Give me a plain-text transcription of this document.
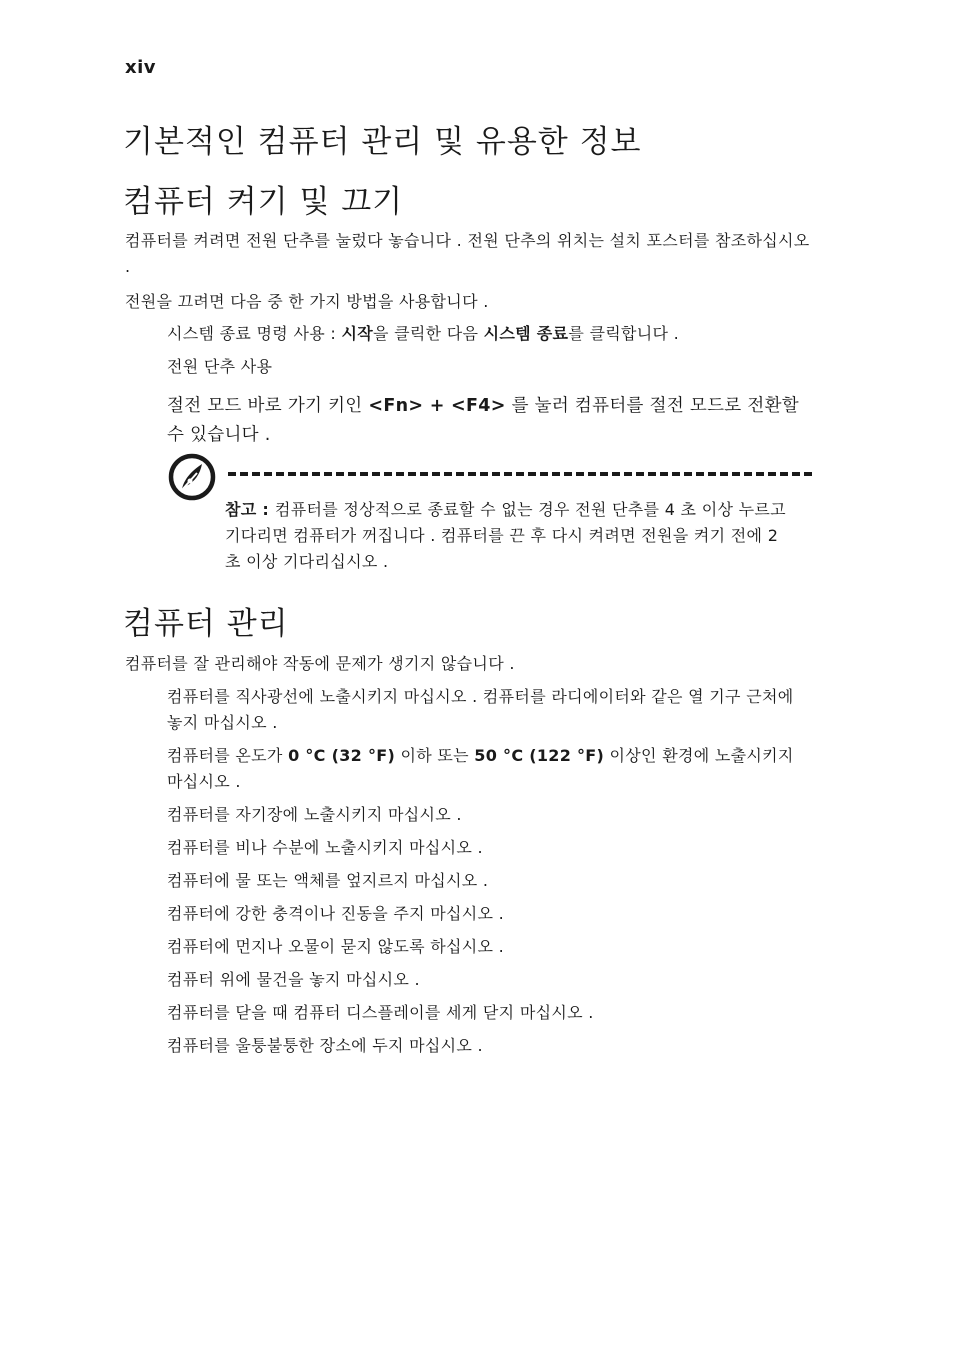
xiv
기본적인 컴퓨터 관리 및 유용한 정보
컴퓨터 켜기 및 끄기

컴퓨터를 켜려면 전원 단추를 눌렀다 놓습니다 . 전원 단추의 위치는 설치 포스터를 참조하십시오 .

전원을 끄려면 다음 중 한 가지 방법을 사용합니다 .

시스템 종료 명령 사용 : 시작을 클릭한 다음 시스템 종료를 클릭합니다 .
전원 단추 사용
절전 모드 바로 가기 키인 <Fn> + <F4> 를 눌러 컴퓨터를 절전 모드로 전환할 수 있습니다 .
참고 : 컴퓨터를 정상적으로 종료할 수 없는 경우 전원 단추를 4 초 이상 누르고 기다리면 컴퓨터가 꺼집니다 . 컴퓨터를 끈 후 다시 켜려면 전원을 켜기 전에 2 초 이상 기다리십시오 .
컴퓨터 관리

컴퓨터를 잘 관리해야 작동에 문제가 생기지 않습니다 .

컴퓨터를 직사광선에 노출시키지 마십시오 . 컴퓨터를 라디에이터와 같은 열 기구 근처에 놓지 마십시오 .
컴퓨터를 온도가 0 °C (32 °F) 이하 또는 50 °C (122 °F) 이상인 환경에 노출시키지 마십시오 .
컴퓨터를 자기장에 노출시키지 마십시오 .
컴퓨터를 비나 수분에 노출시키지 마십시오 .
컴퓨터에 물 또는 액체를 엎지르지 마십시오 .
컴퓨터에 강한 충격이나 진동을 주지 마십시오 .
컴퓨터에 먼지나 오물이 묻지 않도록 하십시오 .
컴퓨터 위에 물건을 놓지 마십시오 .
컴퓨터를 닫을 때 컴퓨터 디스플레이를 세게 닫지 마십시오 .
컴퓨터를 울퉁불퉁한 장소에 두지 마십시오 .
